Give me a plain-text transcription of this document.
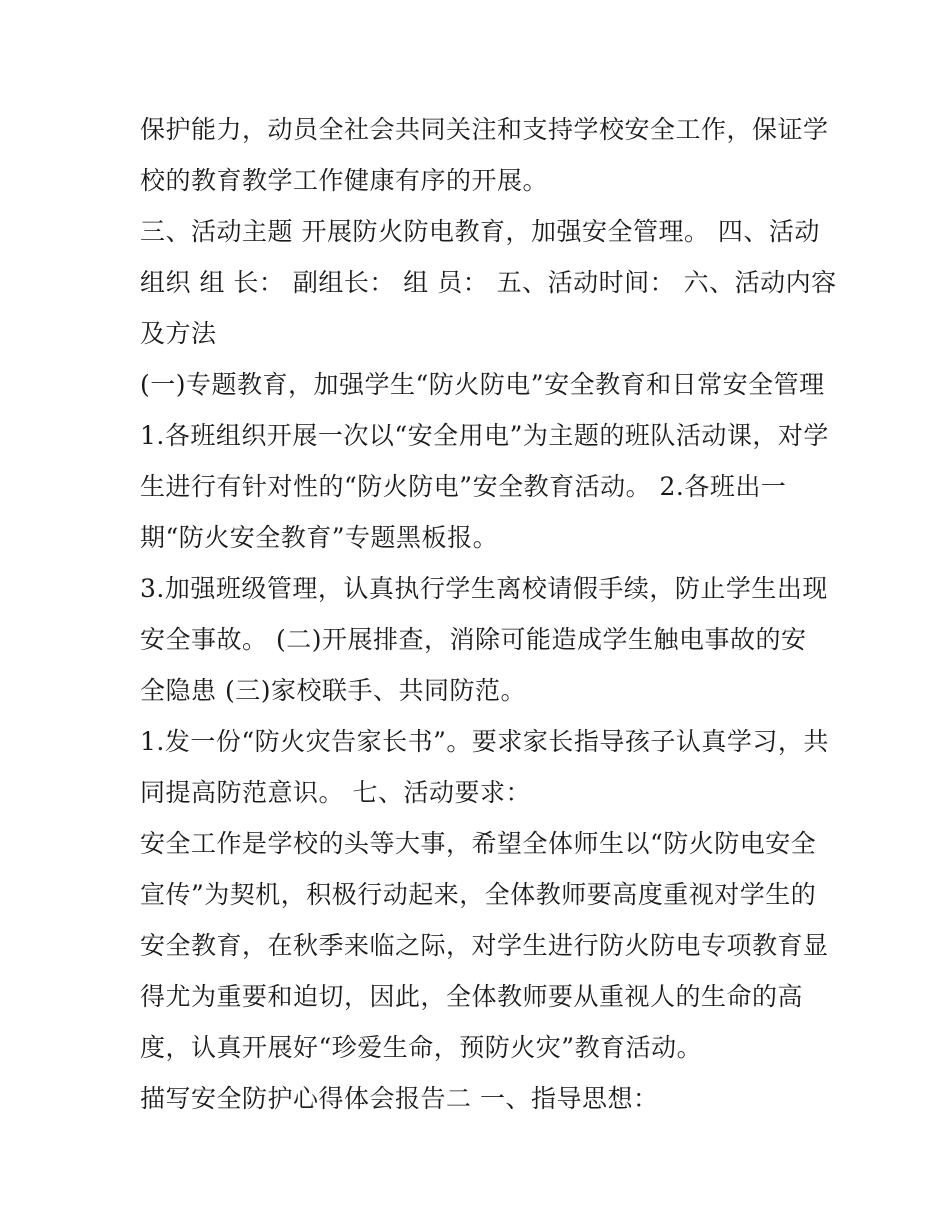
保护能力，动员全社会共同关注和支持学校安全工作，保证学
校的教育教学工作健康有序的开展。
三、活动主题 开展防火防电教育，加强安全管理。 四、活动
组织 组 长： 副组长： 组 员： 五、活动时间： 六、活动内容
及方法
(一)专题教育，加强学生“防火防电”安全教育和日常安全管理
1.各班组织开展一次以“安全用电”为主题的班队活动课，对学
生进行有针对性的“防火防电”安全教育活动。 2.各班出一
期“防火安全教育”专题黑板报。
3.加强班级管理，认真执行学生离校请假手续，防止学生出现
安全事故。 (二)开展排查，消除可能造成学生触电事故的安
全隐患 (三)家校联手、共同防范。
1.发一份“防火灾告家长书”。要求家长指导孩子认真学习，共
同提高防范意识。 七、活动要求：
安全工作是学校的头等大事，希望全体师生以“防火防电安全
宣传”为契机，积极行动起来，全体教师要高度重视对学生的
安全教育，在秋季来临之际，对学生进行防火防电专项教育显
得尤为重要和迫切，因此，全体教师要从重视人的生命的高
度，认真开展好“珍爱生命，预防火灾”教育活动。
描写安全防护心得体会报告二 一、指导思想：
